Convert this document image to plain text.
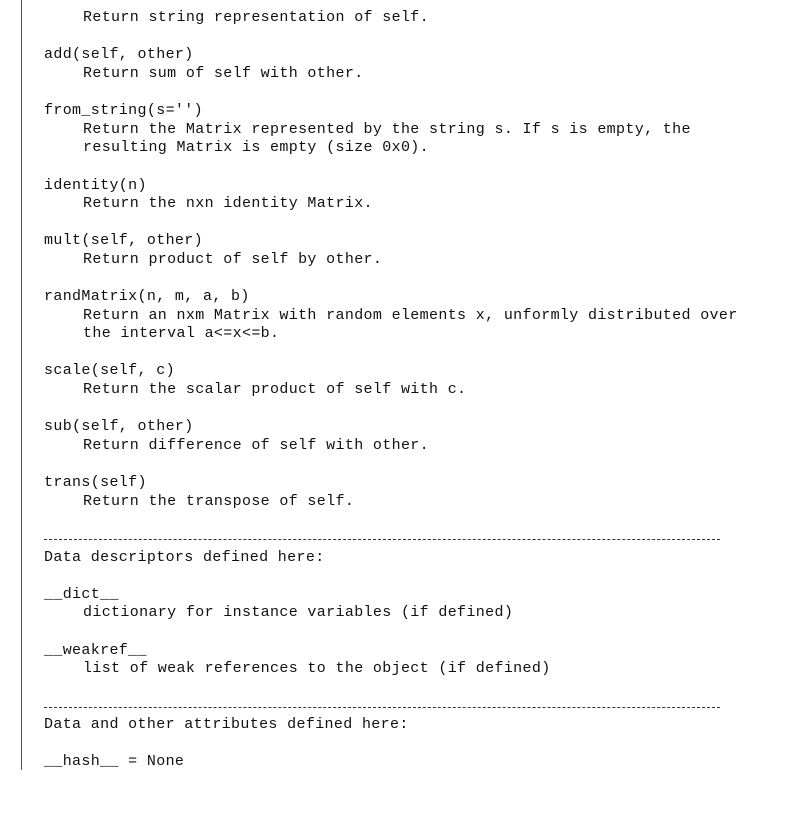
Return string representation of self.
add(self, other)
Return sum of self with other.
from_string(s='')
Return the Matrix represented by the string s. If s is empty, the
resulting Matrix is empty (size 0x0).
identity(n)
Return the nxn identity Matrix.
mult(self, other)
Return product of self by other.
randMatrix(n, m, a, b)
Return an nxm Matrix with random elements x, unformly distributed over
the interval a<=x<=b.
scale(self, c)
Return the scalar product of self with c.
sub(self, other)
Return difference of self with other.
trans(self)
Return the transpose of self.
Data descriptors defined here:
__dict__
dictionary for instance variables (if defined)
__weakref__
list of weak references to the object (if defined)
Data and other attributes defined here:
__hash__ = None
